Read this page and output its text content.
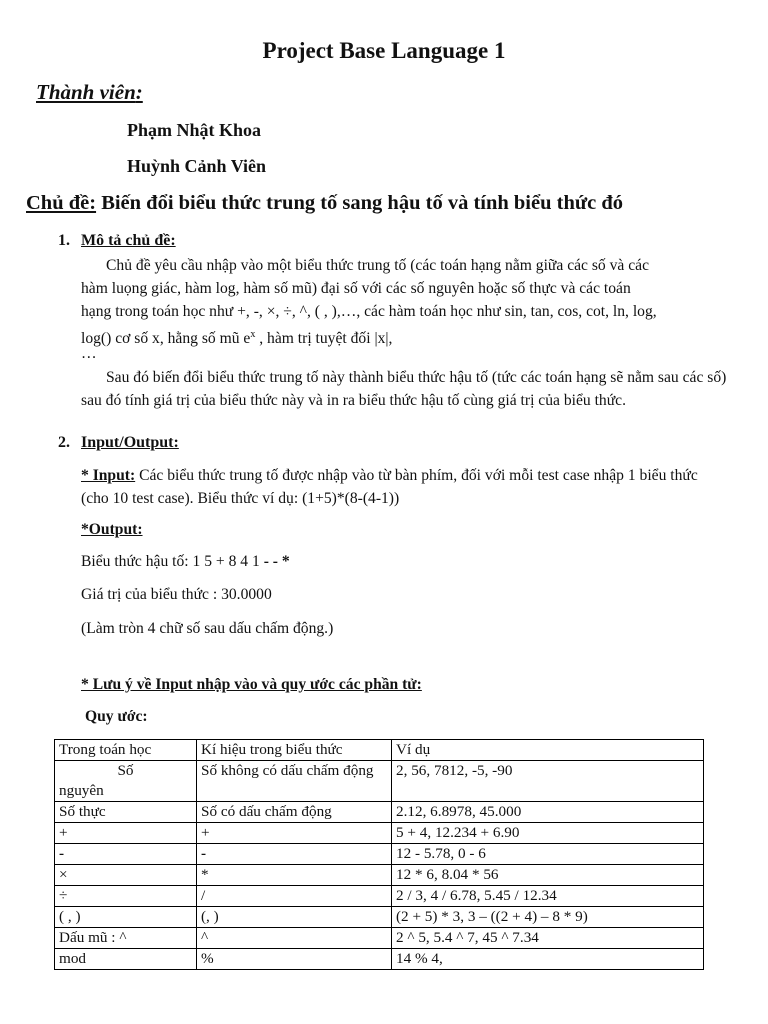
Project Base Language 1
Thành viên:
Phạm Nhật Khoa
Huỳnh Cảnh Viên
Chủ đề: Biến đổi biểu thức trung tố sang hậu tố và tính biểu thức đó
1. Mô tả chủ đề:
Chủ đề yêu cầu nhập vào một biểu thức trung tố (các toán hạng nằm giữa các số và các hàm luọng giác, hàm log, hàm số mũ) đại số với các số nguyên hoặc số thực và các toán hạng trong toán học như +, -, ×, ÷, ^, ( , ),…, các hàm toán học như sin, tan, cos, cot, ln, log, log() cơ số x, hằng số mũ $e^x$ , hàm trị tuyệt đối |x|,
…
Sau đó biến đổi biểu thức trung tố này thành biểu thức hậu tố (tức các toán hạng sẽ nằm sau các số) sau đó tính giá trị của biểu thức này và in ra biểu thức hậu tố cùng giá trị của biểu thức.
2. Input/Output:
* Input: Các biểu thức trung tố được nhập vào từ bàn phím, đối với mỗi test case nhập 1 biểu thức (cho 10 test case). Biểu thức ví dụ: (1+5)*(8-(4-1))
*Output:
Biểu thức hậu tố: 1 5 + 8 4 1 - - *
Giá trị của biểu thức : 30.0000
(Làm tròn 4 chữ số sau dấu chấm động.)
* Lưu ý về Input nhập vào và quy ước các phần tử:
Quy ước:
Trong toán học	Kí hiệu trong biểu thức	Ví dụ

Số
nguyên	Số không có dấu chấm động	2, 56, 7812, -5, -90
Số thực	Số có dấu chấm động	2.12, 6.8978, 45.000
+	+	5 + 4, 12.234 + 6.90
-	-	12 - 5.78, 0 - 6
×	*	12 * 6, 8.04 * 56
÷	/	2 / 3, 4 / 6.78, 5.45 / 12.34
( , )	(, )	(2 + 5) * 3, 3 – ((2 + 4) – 8 * 9)
Dấu mũ : ^	^	2 ^ 5, 5.4 ^ 7, 45 ^ 7.34
mod	%	14 % 4,
